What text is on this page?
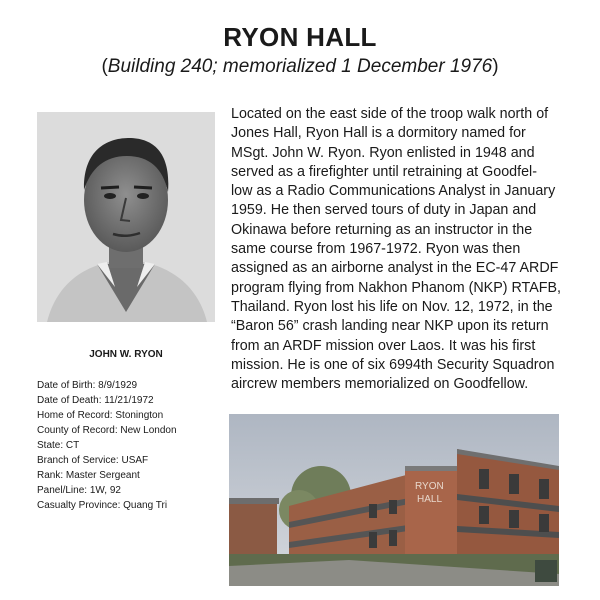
RYON HALL
(Building 240; memorialized 1 December 1976)
JOHN W. RYON
Date of Birth: 8/9/1929
Date of Death: 11/21/1972
Home of Record: Stonington
County of Record: New London
State: CT
Branch of Service: USAF
Rank: Master Sergeant
Panel/Line: 1W, 92
Casualty Province: Quang Tri
Located on the east side of the troop walk north of
Jones Hall, Ryon Hall is a dormitory named for
MSgt. John W. Ryon. Ryon enlisted in 1948 and
served as a firefighter until retraining at Goodfel-
low as a Radio Communications Analyst in January
1959. He then served tours of duty in Japan and
Okinawa before returning as an instructor in the
same course from 1967-1972. Ryon was then
assigned as an airborne analyst in the EC-47 ARDF
program flying from Nakhon Phanom (NKP) RTAFB,
Thailand. Ryon lost his life on Nov. 12, 1972, in the
“Baron 56” crash landing near NKP upon its return
from an ARDF mission over Laos. It was his first
mission. He is one of six 6994th Security Squadron
aircrew members memorialized on Goodfellow.
RYON
HALL
